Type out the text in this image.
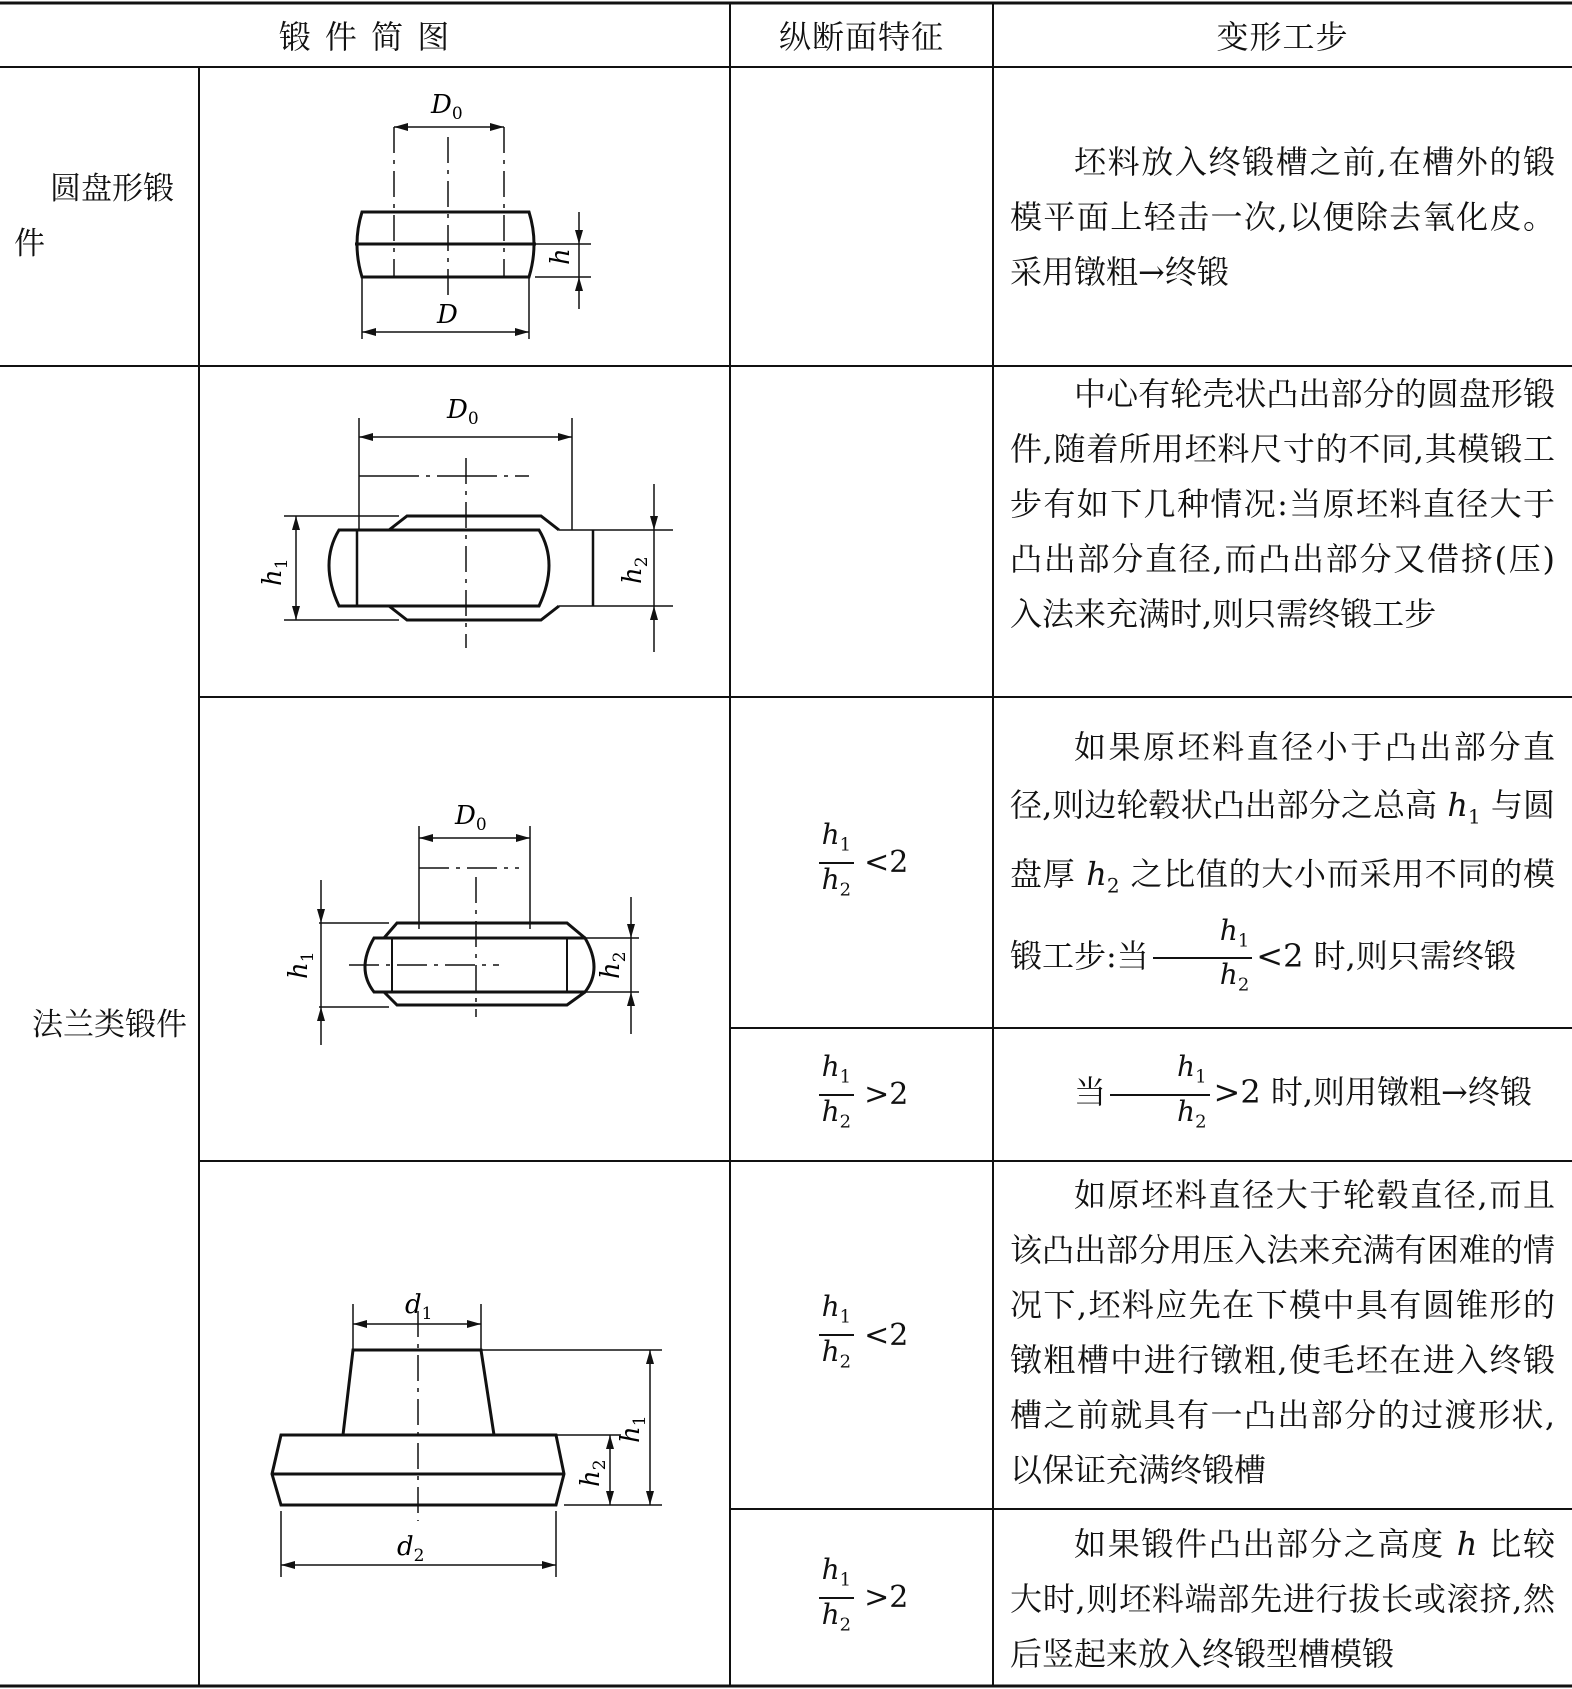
锻 件 简 图	纵断面特征	变形工步
圆盘形锻件
法兰类锻件
$D_0$
D
h
$D_0$
$h_1$
$h_2$
$D_0$
$h_1$
$h_2$
$d_1$
$d_2$
$h_2$
$h_1$
$\frac{h_1}{h_2} <2$
$\frac{h_1}{h_2} >2$
$\frac{h_1}{h_2} <2$
$\frac{h_1}{h_2} >2$

坯料放入终锻槽之前,在槽外的锻模平面上轻击一次,以便除去氧化皮。采用镦粗→终锻

中心有轮壳状凸出部分的圆盘形锻件,随着所用坯料尺寸的不同,其模锻工步有如下几种情况:当原坯料直径大于凸出部分直径,而凸出部分又借挤(压)入法来充满时,则只需终锻工步

如果原坯料直径小于凸出部分直径,则边轮毂状凸出部分之总高 $h_1$ 与圆盘厚 $h_2$ 之比值的大小而采用不同的模锻工步:当 $\frac{h_1}{h_2} <2$ 时,则只需终锻

当 $\frac{h_1}{h_2} >2$ 时,则用镦粗→终锻

如原坯料直径大于轮毂直径,而且该凸出部分用压入法来充满有困难的情况下,坯料应先在下模中具有圆锥形的镦粗槽中进行镦粗,使毛坯在进入终锻槽之前就具有一凸出部分的过渡形状,以保证充满终锻槽

如果锻件凸出部分之高度 h 比较大时,则坯料端部先进行拔长或滚挤,然后竖起来放入终锻型槽模锻
